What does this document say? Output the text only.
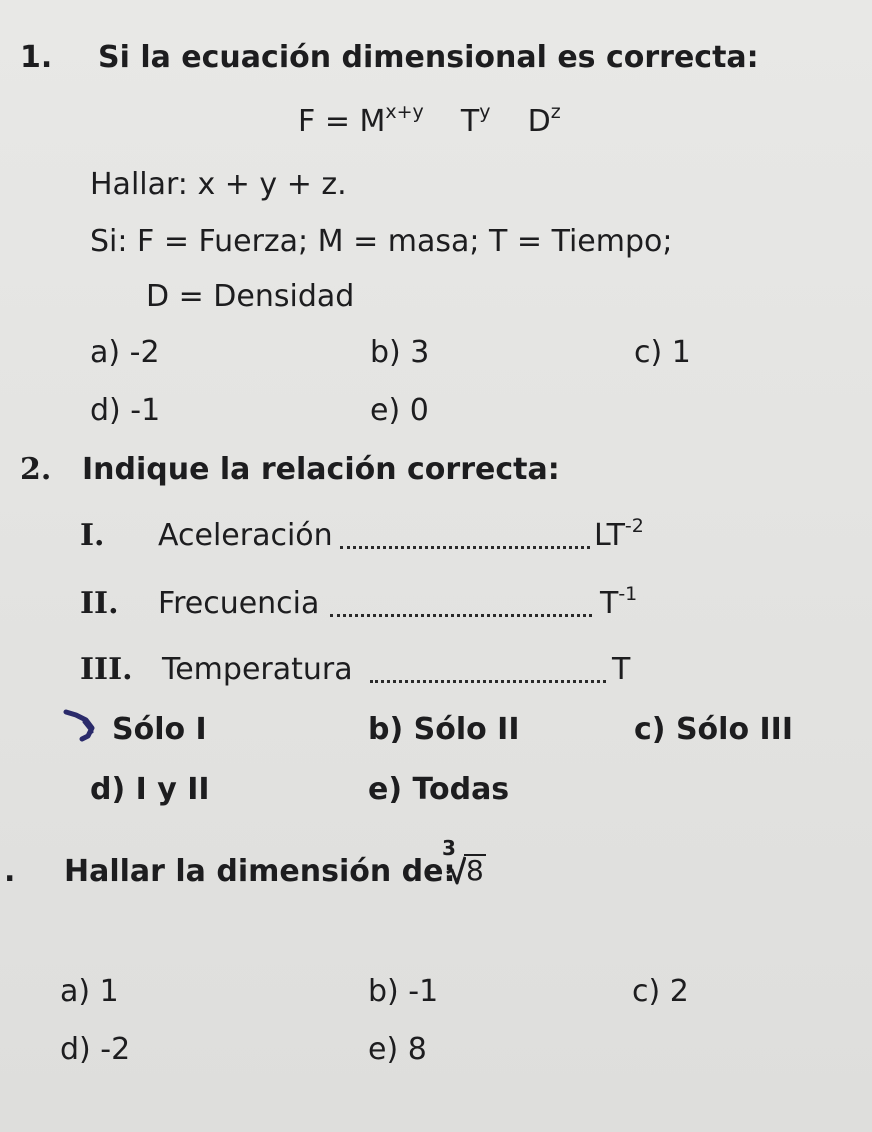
1. Si la ecuación dimensional es correcta:
$F = M^{x+y}$ $T^y$ $D^z$
Hallar: x + y + z.
Si: F = Fuerza; M = masa; T = Tiempo;
D = Densidad
a) -2	b) 3	c) 1
d) -1	e) 0
2. Indique la relación correcta:
I. Aceleración	$LT^{-2}$
II. Frecuencia	$T^{-1}$
III. Temperatura	T
Sólo I	b) Sólo II	c) Sólo III
d) I y II	e) Todas
. Hallar la dimensión de:
3
8
a) 1	b) -1	c) 2
d) -2	e) 8
